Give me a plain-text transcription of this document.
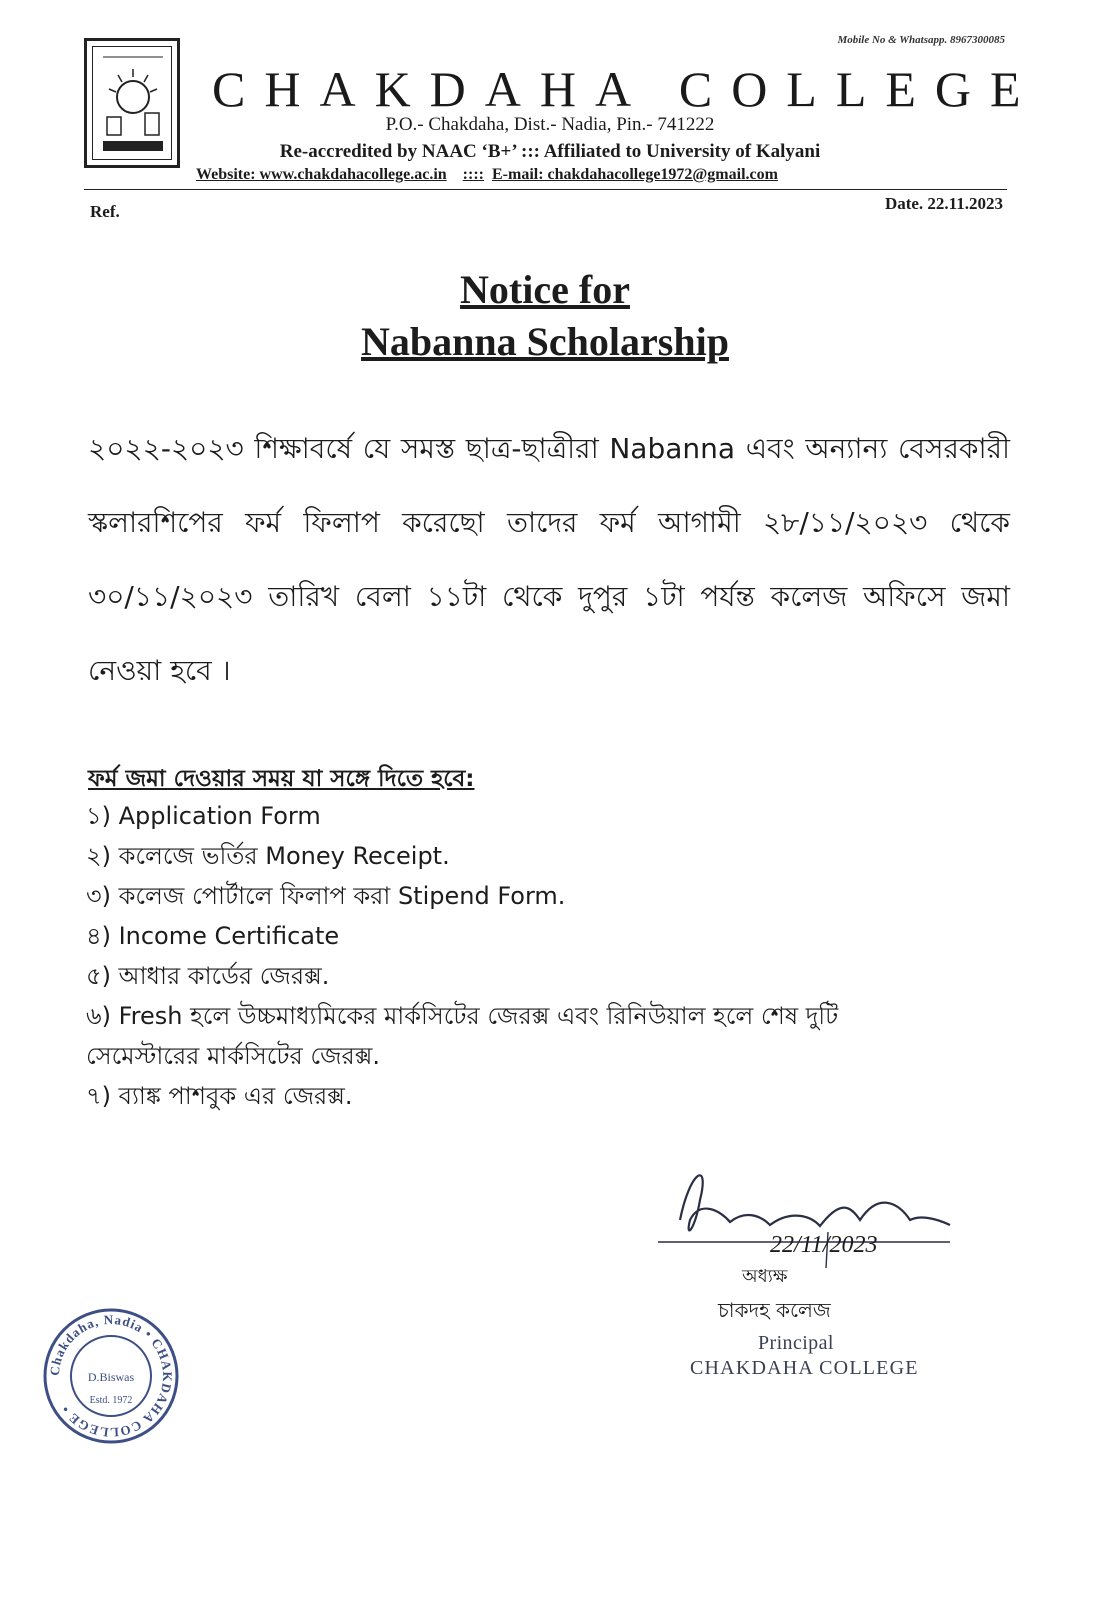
Mobile No & Whatsapp. 8967300085
CHAKDAHA COLLEGE
P.O.- Chakdaha, Dist.- Nadia, Pin.- 741222
Re-accredited by NAAC ‘B+’ ::: Affiliated to University of Kalyani
Website: www.chakdahacollege.ac.in :::: E-mail: chakdahacollege1972@gmail.com
Ref.	Date. 22.11.2023
Notice for
Nabanna Scholarship
২০২২-২০২৩ শিক্ষাবর্ষে যে সমস্ত ছাত্র-ছাত্রীরা Nabanna এবং অন্যান্য বেসরকারী স্কলারশিপের ফর্ম ফিলাপ করেছো তাদের ফর্ম আগামী ২৮/১১/২০২৩ থেকে ৩০/১১/২০২৩ তারিখ বেলা ১১টা থেকে দুপুর ১টা পর্যন্ত কলেজ অফিসে জমা নেওয়া হবে ।
ফর্ম জমা দেওয়ার সময় যা সঙ্গে দিতে হবে:
১) Application Form
২) কলেজে ভর্তির Money Receipt.
৩) কলেজ পোর্টালে ফিলাপ করা Stipend Form.
৪) Income Certificate
৫) আধার কার্ডের জেরক্স.
৬) Fresh হলে উচ্চমাধ্যমিকের মার্কসিটের জেরক্স এবং রিনিউয়াল হলে শেষ দুটি
সেমেস্টারের মার্কসিটের জেরক্স.
৭) ব্যাঙ্ক পাশবুক এর জেরক্স.
22/11/2023
অধ্যক্ষ
চাকদহ কলেজ
Principal
CHAKDAHA COLLEGE
Chakdaha, Nadia • CHAKDAHA COLLEGE •
D.Biswas
Estd. 1972
